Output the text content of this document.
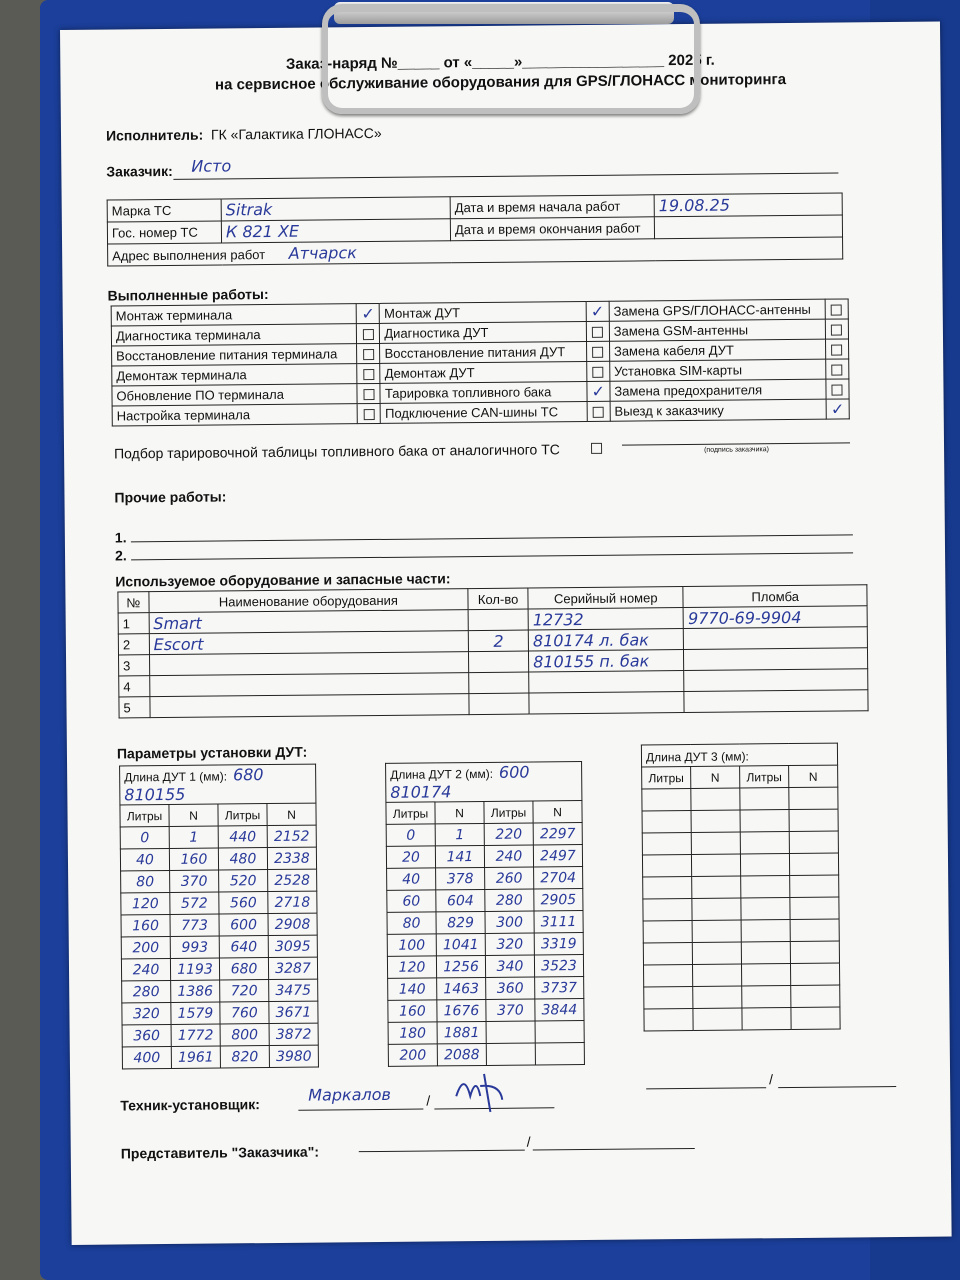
Заказ-наряд №_____ от «_____»_________________ 2025 г.
на сервисное обслуживание оборудования для GPS/ГЛОНАСС мониторинга
Исполнитель: ГК «Галактика ГЛОНАСС»
Заказчик: Исто
Марка ТС	Sitrak	Дата и время начала работ	19.08.25
Гос. номер ТС	К 821 ХЕ	Дата и время окончания работ	
Адрес выполнения работ Атчарск			
Выполненные работы:
Монтаж терминала	✓	Монтаж ДУТ	✓	Замена GPS/ГЛОНАСС-антенны	
Диагностика терминала		Диагностика ДУТ		Замена GSM-антенны	
Восстановление питания терминала		Восстановление питания ДУТ		Замена кабеля ДУТ	
Демонтаж терминала		Демонтаж ДУТ		Установка SIM-карты	
Обновление ПО терминала		Тарировка топливного бака	✓	Замена предохранителя	
Настройка терминала		Подключение CAN-шины ТС		Выезд к заказчику	✓
Подбор тарировочной таблицы топливного бака от аналогичного ТС	(подпись заказчика)
Прочие работы:
1.
2.
Используемое оборудование и запасные части:
№	Наименование оборудования	Кол-во	Серийный номер	Пломба
1	Smart		12732	9770-69-9904
2	Escort	2	810174 л. бак	
3			810155 п. бак	
4				
5				
Параметры установки ДУТ:
Длина ДУТ 1 (мм): 680 810155			
Литры	N	Литры	N
0	1	440	2152
40	160	480	2338
80	370	520	2528
120	572	560	2718
160	773	600	2908
200	993	640	3095
240	1193	680	3287
280	1386	720	3475
320	1579	760	3671
360	1772	800	3872
400	1961	820	3980
Длина ДУТ 2 (мм): 600 810174			
Литры	N	Литры	N
0	1	220	2297
20	141	240	2497
40	378	260	2704
60	604	280	2905
80	829	300	3111
100	1041	320	3319
120	1256	340	3523
140	1463	360	3737
160	1676	370	3844
180	1881		
200	2088		
Длина ДУТ 3 (мм):			
Литры	N	Литры	N

Техник-установщик:
Маркалов	/
/
Представитель "Заказчика":
/
